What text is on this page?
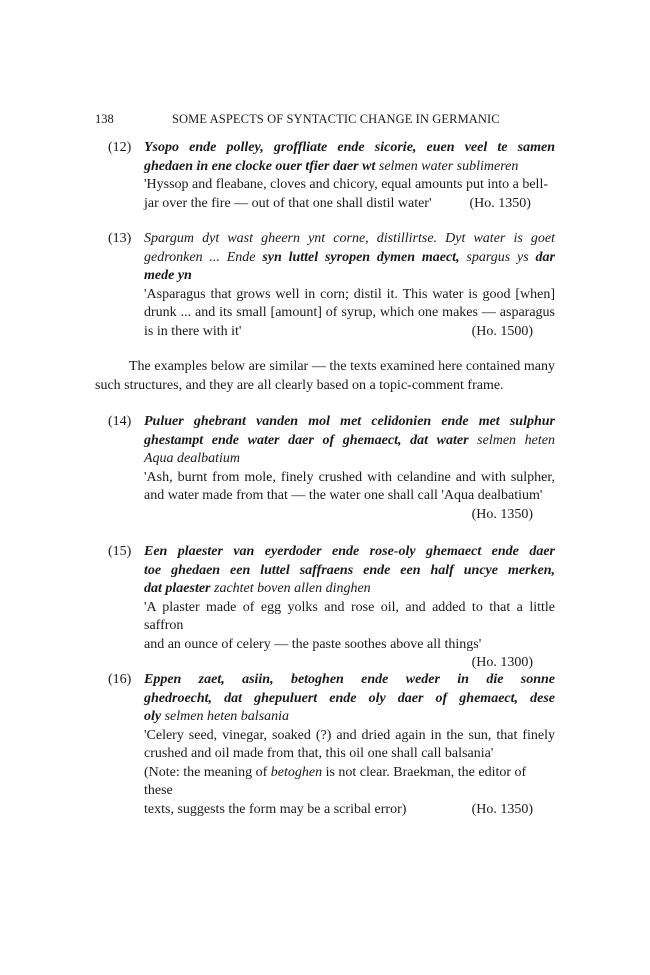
138	SOME ASPECTS OF SYNTACTIC CHANGE IN GERMANIC
(12) Ysopo ende polley, groffliate ende sicorie, euen veel te samen

ghedaen in ene clocke ouer tfier daer wt selmen water sublimeren

'Hyssop and fleabane, cloves and chicory, equal amounts put into a bell-

jar over the fire — out of that one shall distil water'	(Ho. 1350)

(13) Spargum dyt wast gheern ynt corne, distillirtse. Dyt water is goet

gedronken ... Ende syn luttel syropen dymen maect, spargus ys dar

mede yn

'Asparagus that grows well in corn; distil it. This water is good [when]

drunk ... and its small [amount] of syrup, which one makes — asparagus

is in there with it'	(Ho. 1500)

The examples below are similar — the texts examined here contained many such structures, and they are all clearly based on a topic-comment frame.
(14) Puluer ghebrant vanden mol met celidonien ende met sulphur

ghestampt ende water daer of ghemaect, dat water selmen heten

Aqua dealbatium

'Ash, burnt from mole, finely crushed with celandine and with sulpher,

and water made from that — the water one shall call 'Aqua dealbatium'

(Ho. 1350)

(15) Een plaester van eyerdoder ende rose-oly ghemaect ende daer

toe ghedaen een luttel saffraens ende een half uncye merken,

dat plaester zachtet boven allen dinghen

'A plaster made of egg yolks and rose oil, and added to that a little saffron

and an ounce of celery — the paste soothes above all things'

(Ho. 1300)

(16) Eppen zaet, asiin, betoghen ende weder in die sonne

ghedroecht, dat ghepuluert ende oly daer of ghemaect, dese

oly selmen heten balsania

'Celery seed, vinegar, soaked (?) and dried again in the sun, that finely

crushed and oil made from that, this oil one shall call balsania'

(Note: the meaning of betoghen is not clear. Braekman, the editor of these

texts, suggests the form may be a scribal error)	(Ho. 1350)
